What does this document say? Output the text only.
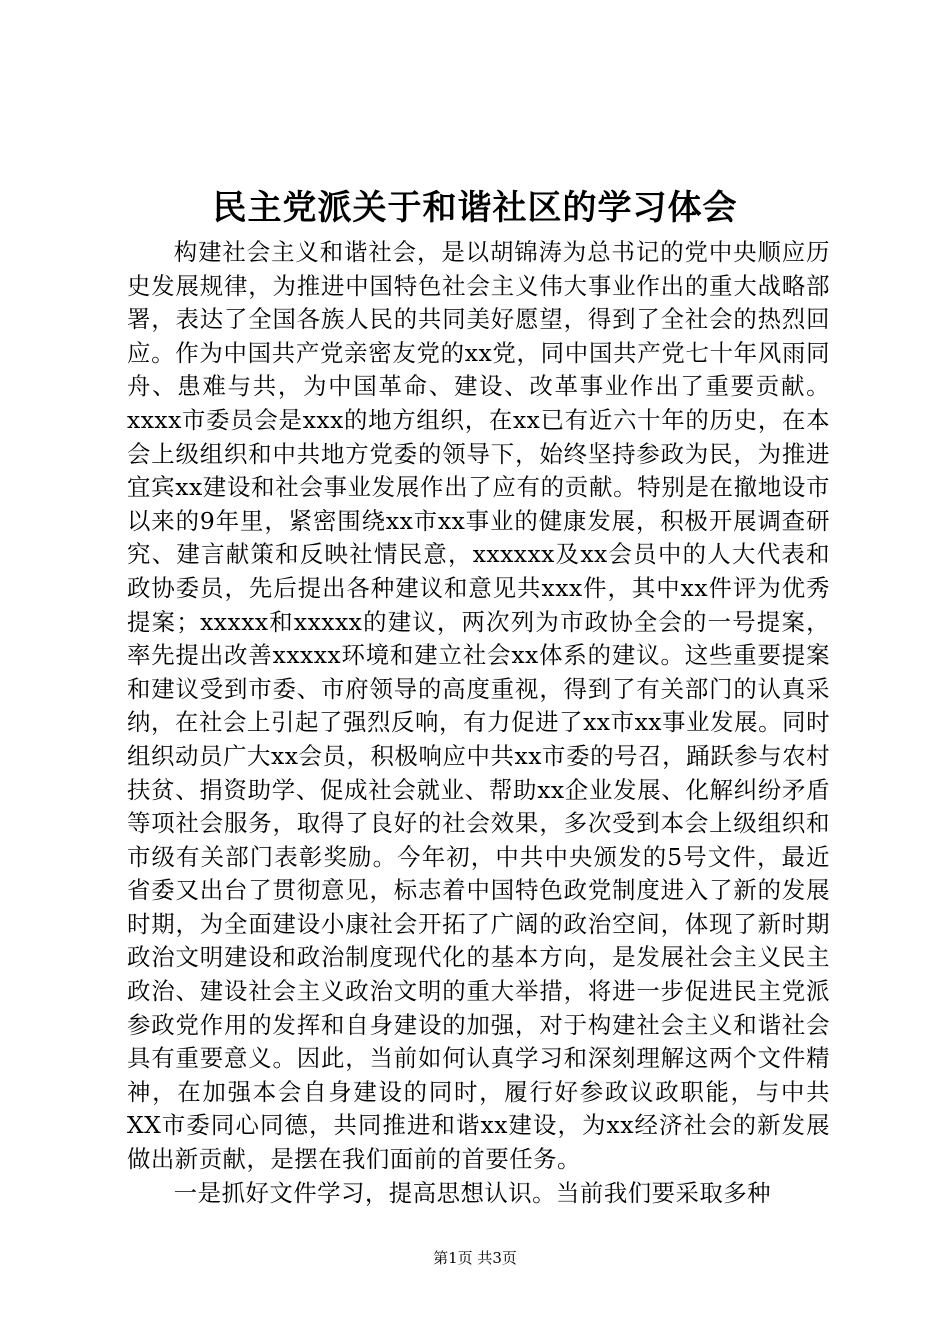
民主党派关于和谐社区的学习体会

构建社会主义和谐社会，是以胡锦涛为总书记的党中央顺应历史发展规律，为推进中国特色社会主义伟大事业作出的重大战略部署，表达了全国各族人民的共同美好愿望，得到了全社会的热烈回应。作为中国共产党亲密友党的xx党，同中国共产党七十年风雨同舟、患难与共，为中国革命、建设、改革事业作出了重要贡献。xxxx市委员会是xxx的地方组织，在xx已有近六十年的历史，在本会上级组织和中共地方党委的领导下，始终坚持参政为民，为推进宜宾xx建设和社会事业发展作出了应有的贡献。特别是在撤地设市以来的9年里，紧密围绕xx市xx事业的健康发展，积极开展调查研究、建言献策和反映社情民意，xxxxxx及xx会员中的人大代表和政协委员，先后提出各种建议和意见共xxx件，其中xx件评为优秀提案；xxxxx和xxxxx的建议，两次列为市政协全会的一号提案，率先提出改善xxxxx环境和建立社会xx体系的建议。这些重要提案和建议受到市委、市府领导的高度重视，得到了有关部门的认真采纳，在社会上引起了强烈反响，有力促进了xx市xx事业发展。同时组织动员广大xx会员，积极响应中共xx市委的号召，踊跃参与农村扶贫、捐资助学、促成社会就业、帮助xx企业发展、化解纠纷矛盾等项社会服务，取得了良好的社会效果，多次受到本会上级组织和市级有关部门表彰奖励。今年初，中共中央颁发的5号文件，最近省委又出台了贯彻意见，标志着中国特色政党制度进入了新的发展时期，为全面建设小康社会开拓了广阔的政治空间，体现了新时期政治文明建设和政治制度现代化的基本方向，是发展社会主义民主政治、建设社会主义政治文明的重大举措，将进一步促进民主党派参政党作用的发挥和自身建设的加强，对于构建社会主义和谐社会具有重要意义。因此，当前如何认真学习和深刻理解这两个文件精神，在加强本会自身建设的同时，履行好参政议政职能，与中共XX市委同心同德，共同推进和谐xx建设，为xx经济社会的新发展做出新贡献，是摆在我们面前的首要任务。

一是抓好文件学习，提高思想认识。当前我们要采取多种

第1页 共3页
